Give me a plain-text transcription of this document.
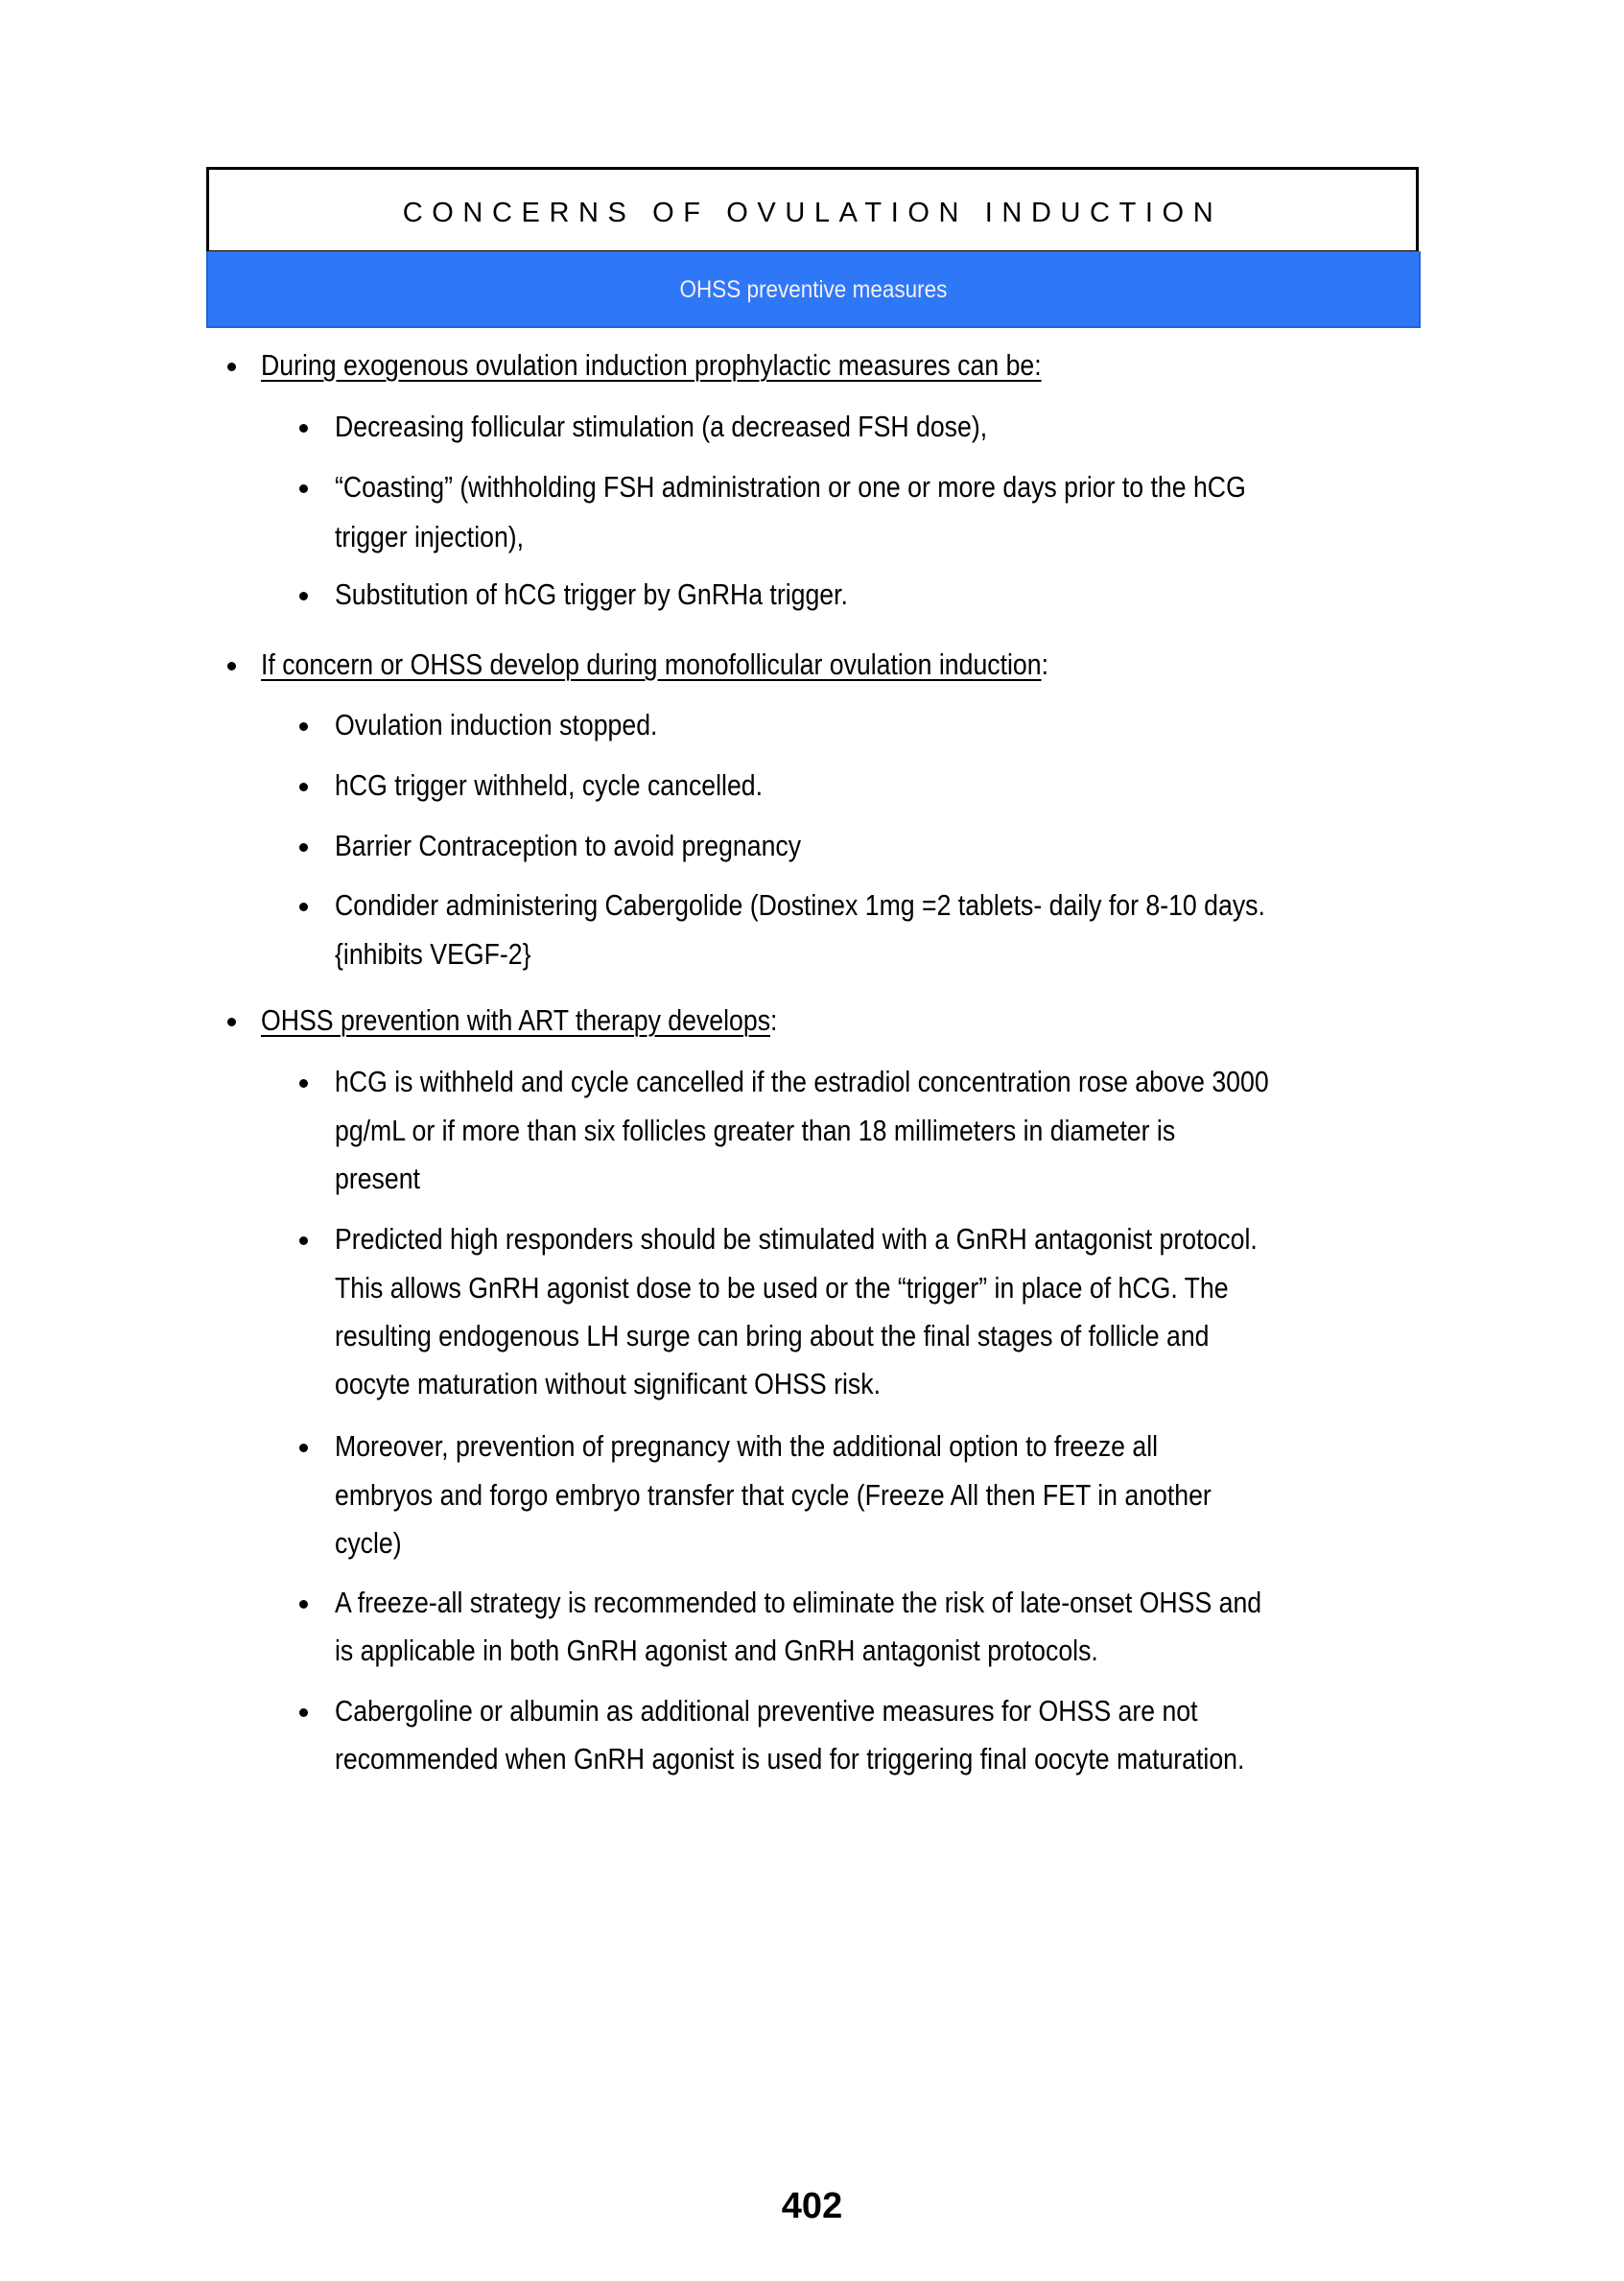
CONCERNS OF OVULATION INDUCTION
OHSS preventive measures
During exogenous ovulation induction prophylactic measures can be:
Decreasing follicular stimulation (a decreased FSH dose),
“Coasting” (withholding FSH administration or one or more days prior to the hCG
trigger injection),
Substitution of hCG trigger by GnRHa trigger.
If concern or OHSS develop during monofollicular ovulation induction:
Ovulation induction stopped.
hCG trigger withheld, cycle cancelled.
Barrier Contraception to avoid pregnancy
Condider administering Cabergolide (Dostinex 1mg =2 tablets- daily for 8-10 days.
{inhibits VEGF-2}
OHSS prevention with ART therapy develops:
hCG is withheld and cycle cancelled if the estradiol concentration rose above 3000
pg/mL or if more than six follicles greater than 18 millimeters in diameter is
present
Predicted high responders should be stimulated with a GnRH antagonist protocol.
This allows GnRH agonist dose to be used or the “trigger” in place of hCG. The
resulting endogenous LH surge can bring about the final stages of follicle and
oocyte maturation without significant OHSS risk.
Moreover, prevention of pregnancy with the additional option to freeze all
embryos and forgo embryo transfer that cycle (Freeze All then FET in another
cycle)
A freeze-all strategy is recommended to eliminate the risk of late-onset OHSS and
is applicable in both GnRH agonist and GnRH antagonist protocols.
Cabergoline or albumin as additional preventive measures for OHSS are not
recommended when GnRH agonist is used for triggering final oocyte maturation.
402
